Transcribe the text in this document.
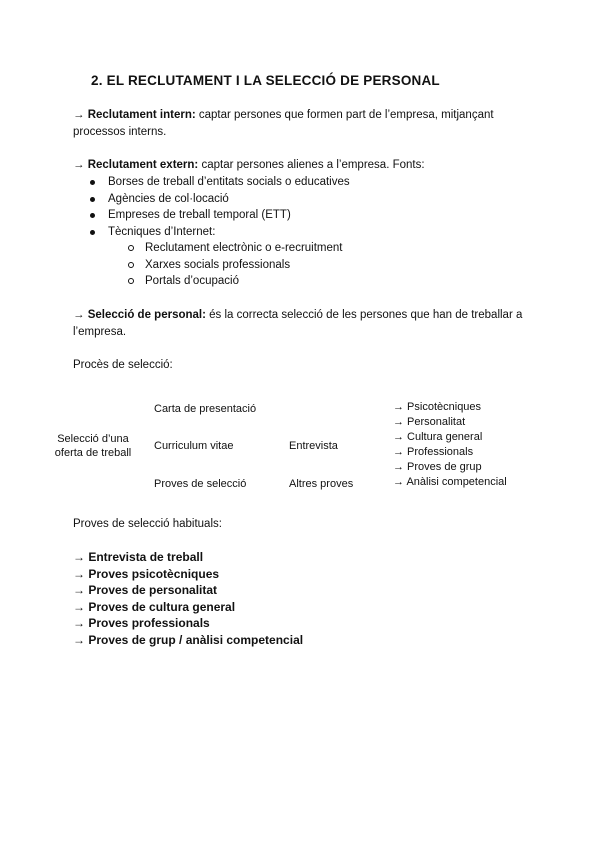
2. EL RECLUTAMENT I LA SELECCIÓ DE PERSONAL
→ Reclutament intern: captar persones que formen part de l’empresa, mitjançant processos interns.
→ Reclutament extern: captar persones alienes a l’empresa. Fonts:
Borses de treball d’entitats socials o educatives
Agències de col·locació
Empreses de treball temporal (ETT)
Tècniques d’Internet:
Reclutament electrònic o e-recruitment
Xarxes socials professionals
Portals d’ocupació
→ Selecció de personal: és la correcta selecció de les persones que han de treballar a l’empresa.
Procès de selecció:
Selecció d’una oferta de treball
Carta de presentació
Curriculum vitae
Proves de selecció
Entrevista
Altres proves
→ Psicotècniques
→ Personalitat
→ Cultura general
→ Professionals
→ Proves de grup
→ Anàlisi competencial
Proves de selecció habituals:
→ Entrevista de treball
→ Proves psicotècniques
→ Proves de personalitat
→ Proves de cultura general
→ Proves professionals
→ Proves de grup / anàlisi competencial
